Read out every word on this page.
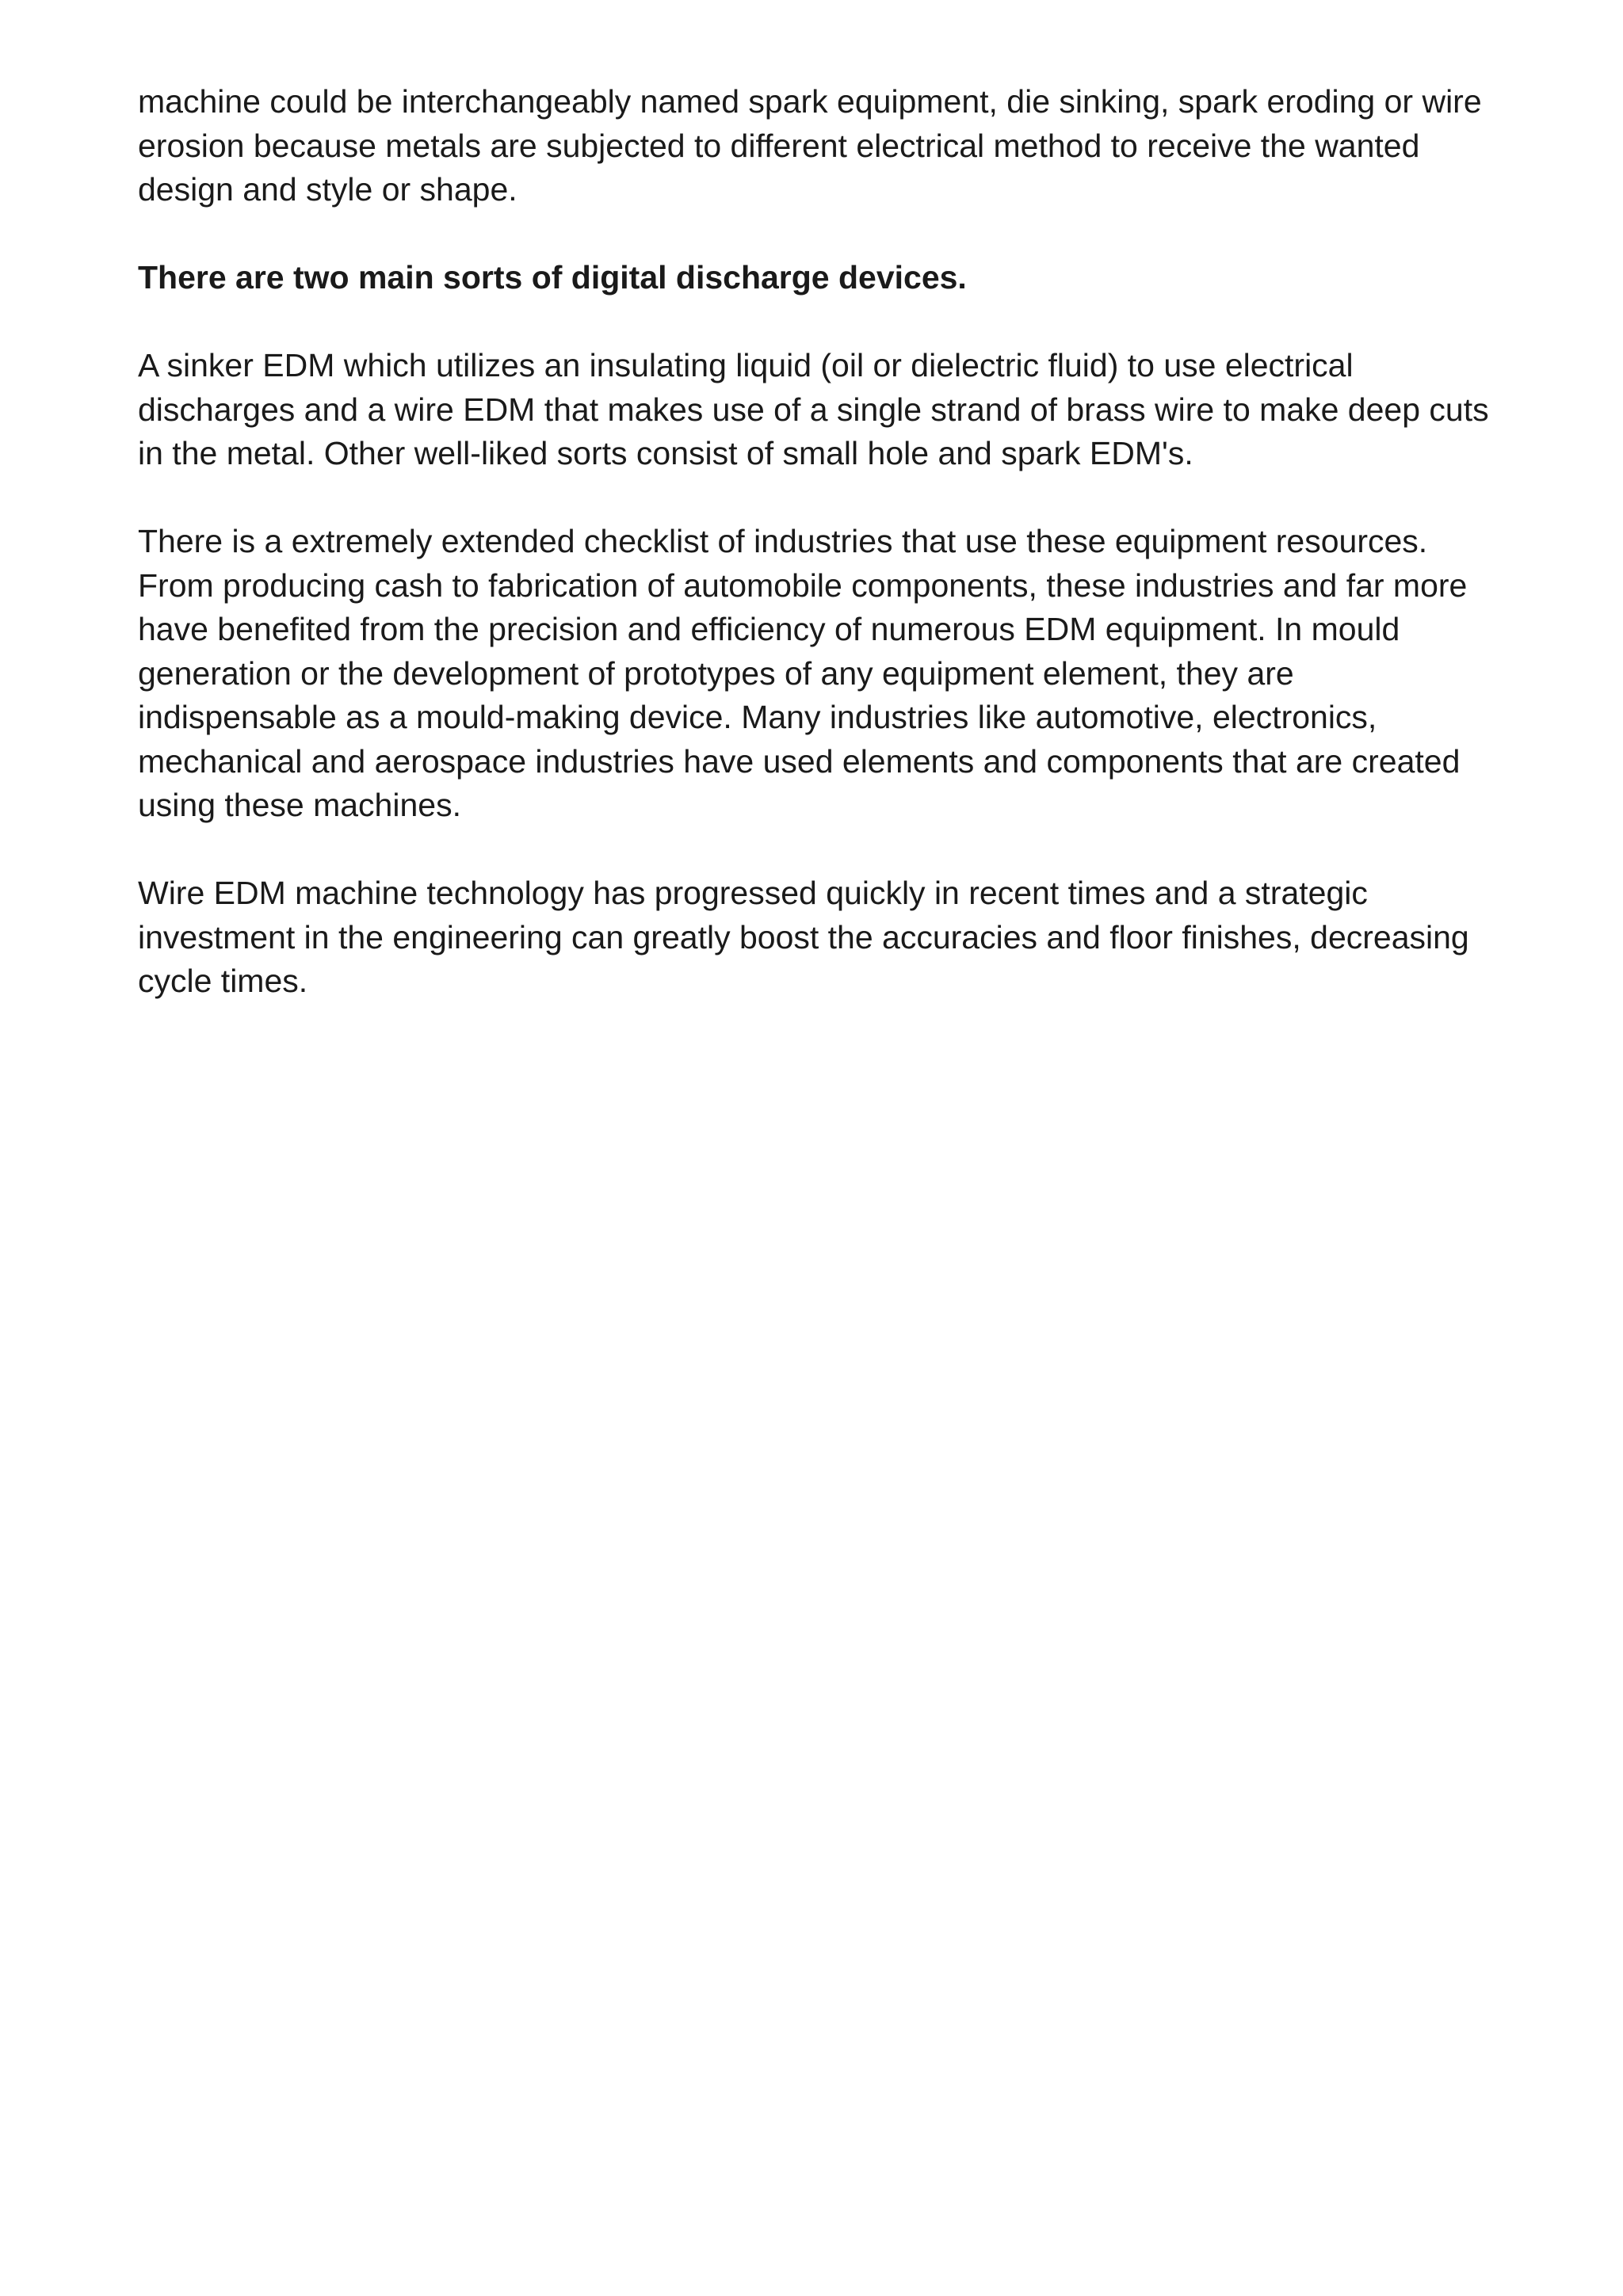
machine could be interchangeably named spark equipment, die sinking, spark eroding or wire erosion because metals are subjected to different electrical method to receive the wanted design and style or shape.

There are two main sorts of digital discharge devices.

A sinker EDM which utilizes an insulating liquid (oil or dielectric fluid) to use electrical discharges and a wire EDM that makes use of a single strand of brass wire to make deep cuts in the metal. Other well-liked sorts consist of small hole and spark EDM's.

There is a extremely extended checklist of industries that use these equipment resources. From producing cash to fabrication of automobile components, these industries and far more have benefited from the precision and efficiency of numerous EDM equipment. In mould generation or the development of prototypes of any equipment element, they are indispensable as a mould-making device. Many industries like automotive, electronics, mechanical and aerospace industries have used elements and components that are created using these machines.

Wire EDM machine technology has progressed quickly in recent times and a strategic investment in the engineering can greatly boost the accuracies and floor finishes, decreasing cycle times.
